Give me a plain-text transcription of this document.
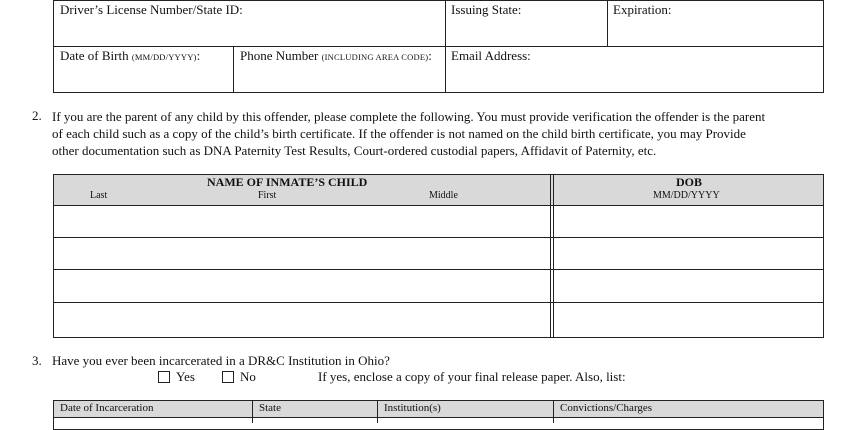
Driver’s License Number/State ID:	Issuing State:	Expiration:
Date of Birth (MM/DD/YYYY):	Phone Number (INCLUDING AREA CODE): Email Address:
2. If you are the parent of any child by this offender, please complete the following. You must provide verification the offender is the parent
of each child such as a copy of the child’s birth certificate. If the offender is not named on the child birth certificate, you may Provide
other documentation such as DNA Paternity Test Results, Court-ordered custodial papers, Affidavit of Paternity, etc.
NAME OF INMATE’S CHILD
Last	First	Middle
DOB
MM/DD/YYYY
3. Have you ever been incarcerated in a DR&C Institution in Ohio?
Yes	No	If yes, enclose a copy of your final release paper. Also, list:
Date of Incarceration	State	Institution(s)	Convictions/Charges
